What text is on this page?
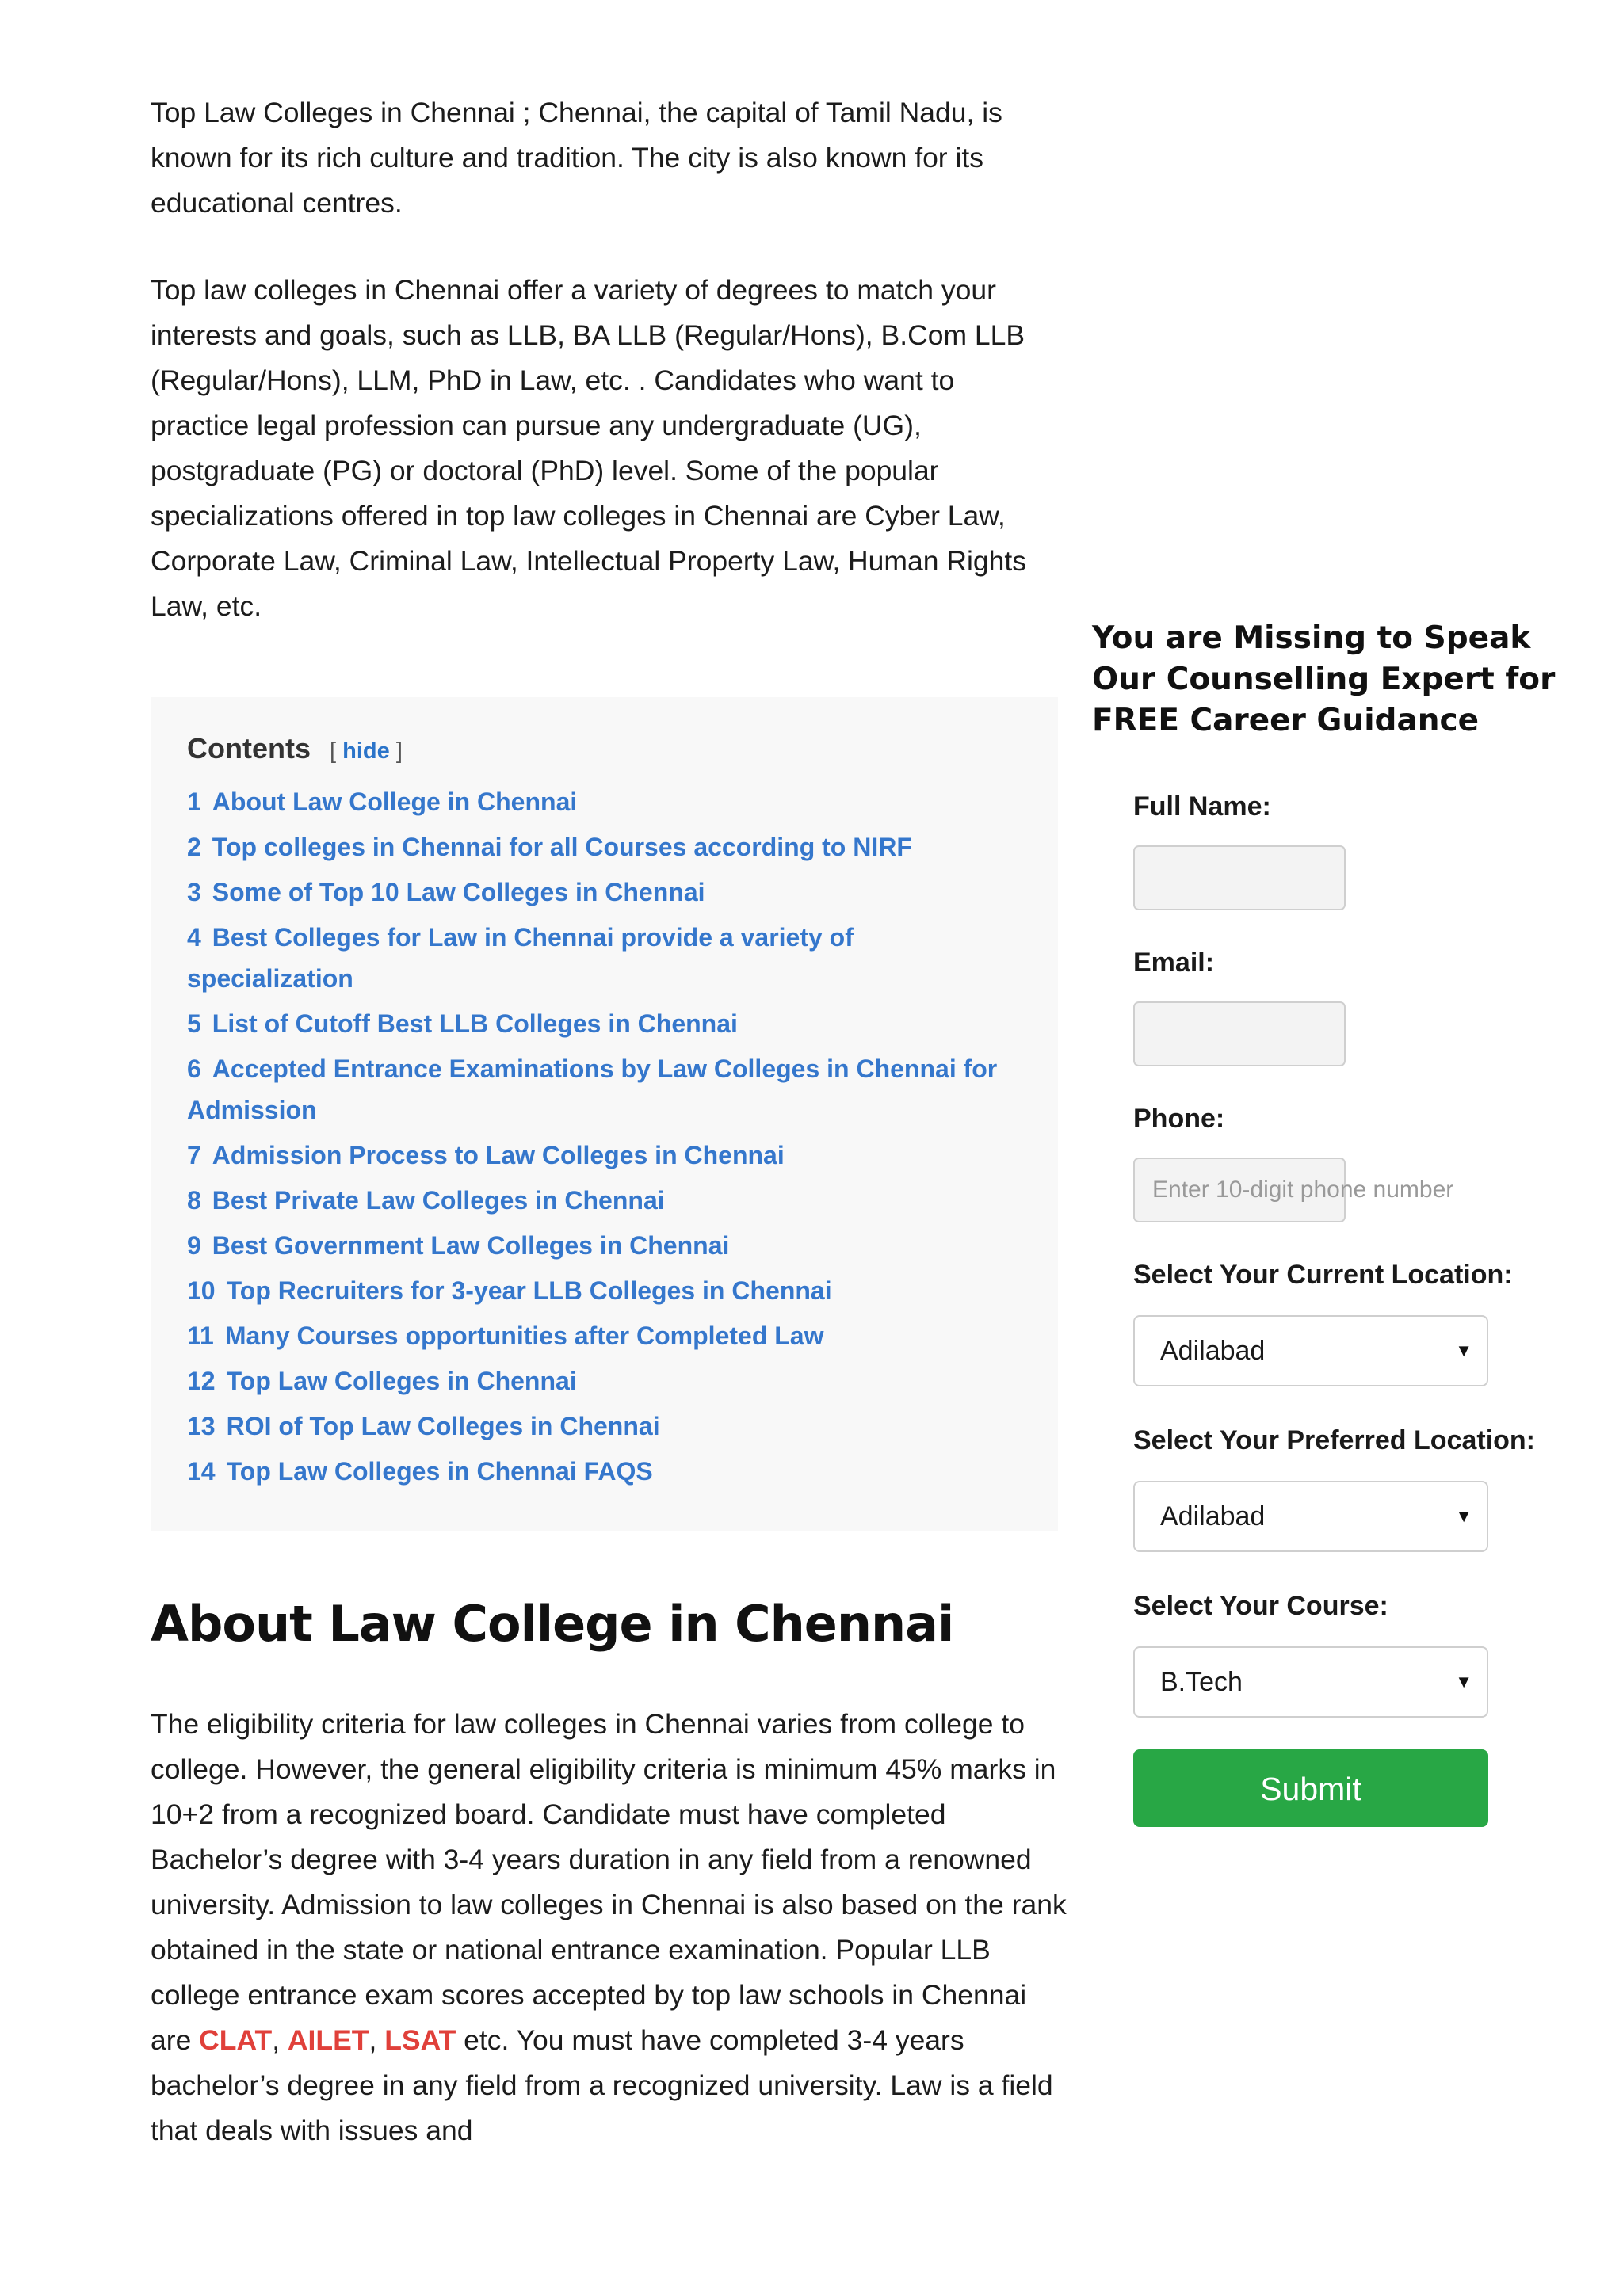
Top Law Colleges in Chennai ; Chennai, the capital of Tamil Nadu, is known for its rich culture and tradition. The city is also known for its educational centres.

Top law colleges in Chennai offer a variety of degrees to match your interests and goals, such as LLB, BA LLB (Regular/Hons), B.Com LLB (Regular/Hons), LLM, PhD in Law, etc. . Candidates who want to practice legal profession can pursue any undergraduate (UG), postgraduate (PG) or doctoral (PhD) level. Some of the popular specializations offered in top law colleges in Chennai are Cyber Law, Corporate Law, Criminal Law, Intellectual Property Law, Human Rights Law, etc.

Contents [ hide ]
1 About Law College in Chennai
2 Top colleges in Chennai for all Courses according to NIRF
3 Some of Top 10 Law Colleges in Chennai
4 Best Colleges for Law in Chennai provide a variety of specialization
5 List of Cutoff Best LLB Colleges in Chennai
6 Accepted Entrance Examinations by Law Colleges in Chennai for Admission
7 Admission Process to Law Colleges in Chennai
8 Best Private Law Colleges in Chennai
9 Best Government Law Colleges in Chennai
10 Top Recruiters for 3-year LLB Colleges in Chennai
11 Many Courses opportunities after Completed Law
12 Top Law Colleges in Chennai
13 ROI of Top Law Colleges in Chennai
14 Top Law Colleges in Chennai FAQS
About Law College in Chennai

The eligibility criteria for law colleges in Chennai varies from college to college. However, the general eligibility criteria is minimum 45% marks in 10+2 from a recognized board. Candidate must have completed Bachelor’s degree with 3-4 years duration in any field from a renowned university. Admission to law colleges in Chennai is also based on the rank obtained in the state or national entrance examination. Popular LLB college entrance exam scores accepted by top law schools in Chennai are CLAT, AILET, LSAT etc. You must have completed 3-4 years bachelor’s degree in any field from a recognized university. Law is a field that deals with issues and

You are Missing to Speak Our Counselling Expert for FREE Career Guidance
Full Name:
Email:
Phone:
Enter 10-digit phone number
Select Your Current Location:
Adilabad	▼
Select Your Preferred Location:
Adilabad	▼
Select Your Course:
B.Tech	▼
Submit
